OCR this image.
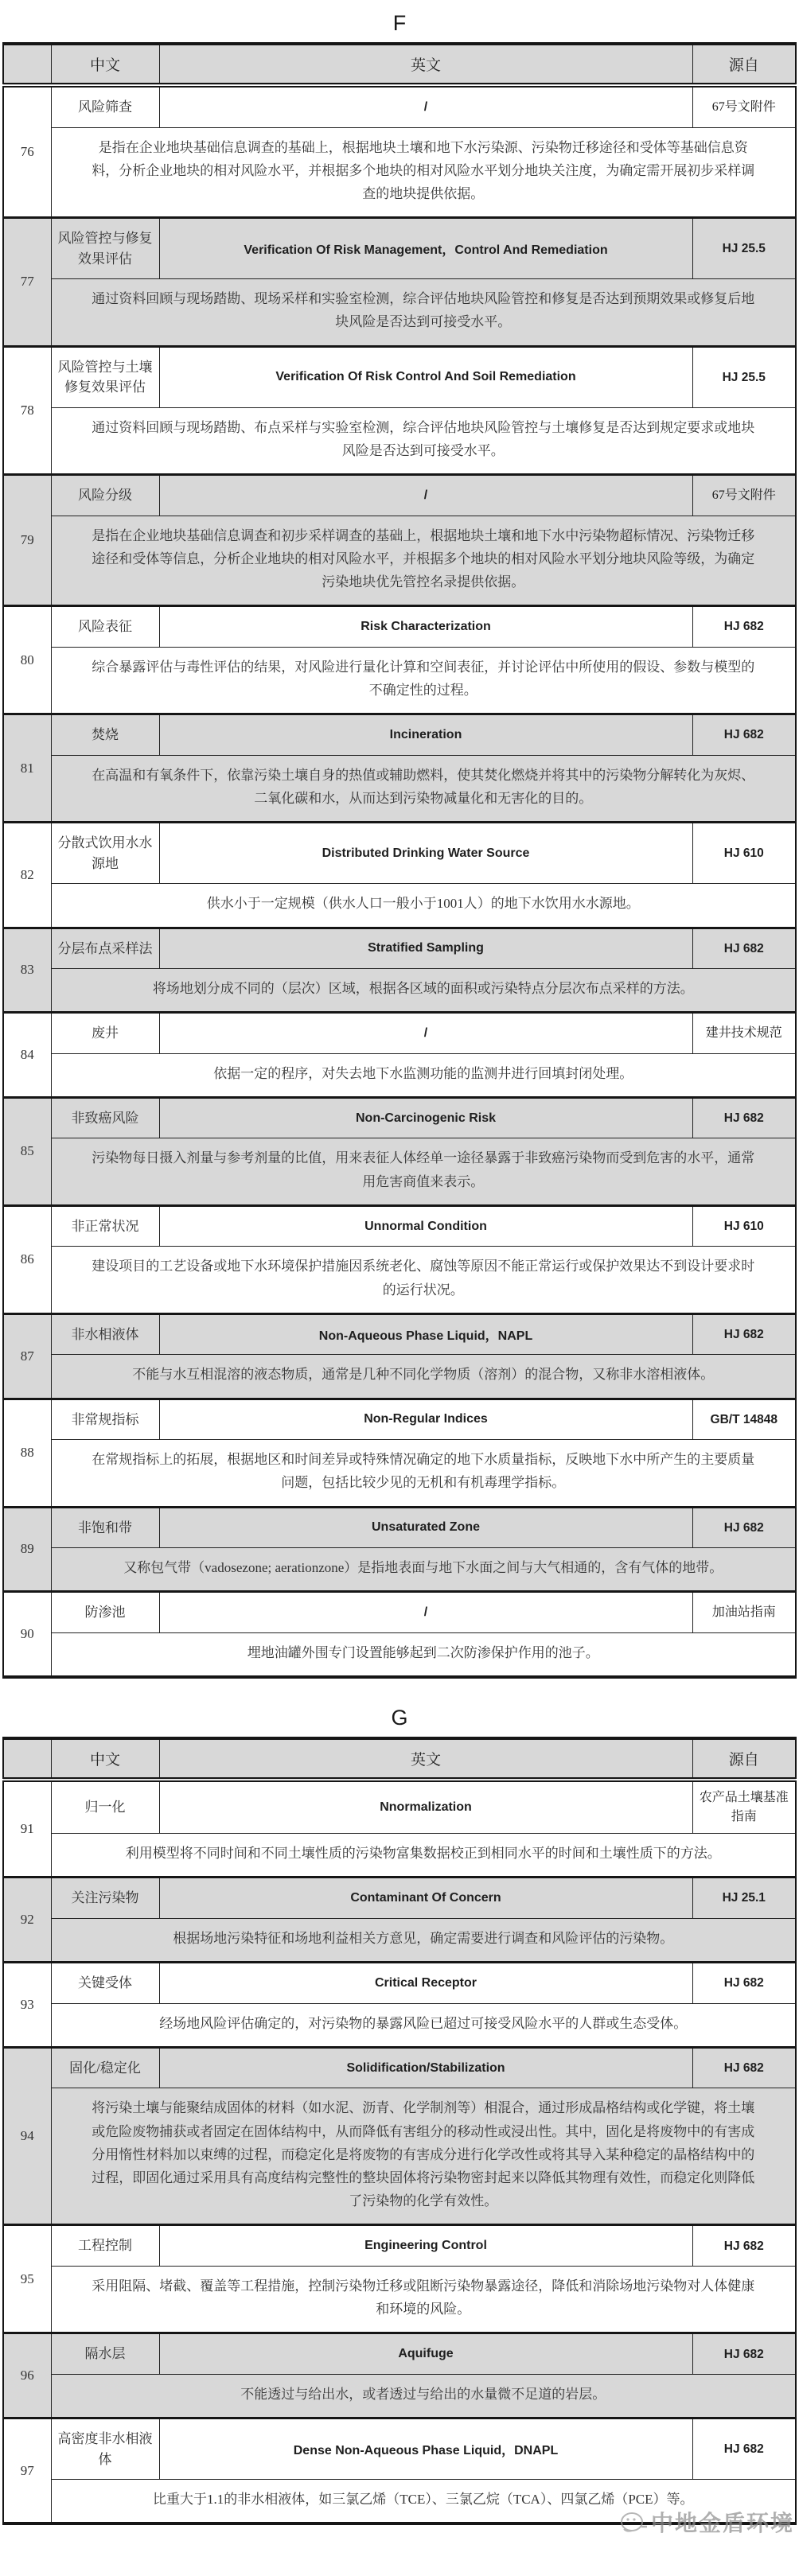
F
	中文	英文	源自
76	风险筛查	/	67号文附件
	是指在企业地块基础信息调查的基础上，根据地块土壤和地下水污染源、污染物迁移途径和受体等基础信息资料，分析企业地块的相对风险水平，并根据多个地块的相对风险水平划分地块关注度，为确定需开展初步采样调查的地块提供依据。		
77	风险管控与修复效果评估	Verification Of Risk Management，Control And Remediation	HJ 25.5
	通过资料回顾与现场踏勘、现场采样和实验室检测，综合评估地块风险管控和修复是否达到预期效果或修复后地块风险是否达到可接受水平。		
78	风险管控与土壤修复效果评估	Verification Of Risk Control And Soil Remediation	HJ 25.5
	通过资料回顾与现场踏勘、布点采样与实验室检测，综合评估地块风险管控与土壤修复是否达到规定要求或地块风险是否达到可接受水平。		
79	风险分级	/	67号文附件
	是指在企业地块基础信息调查和初步采样调查的基础上，根据地块土壤和地下水中污染物超标情况、污染物迁移途径和受体等信息，分析企业地块的相对风险水平，并根据多个地块的相对风险水平划分地块风险等级，为确定污染地块优先管控名录提供依据。		
80	风险表征	Risk Characterization	HJ 682
	综合暴露评估与毒性评估的结果，对风险进行量化计算和空间表征，并讨论评估中所使用的假设、参数与模型的不确定性的过程。		
81	焚烧	Incineration	HJ 682
	在高温和有氧条件下，依靠污染土壤自身的热值或辅助燃料，使其焚化燃烧并将其中的污染物分解转化为灰烬、二氧化碳和水，从而达到污染物减量化和无害化的目的。		
82	分散式饮用水水源地	Distributed Drinking Water Source	HJ 610
	供水小于一定规模（供水人口一般小于1001人）的地下水饮用水水源地。		
83	分层布点采样法	Stratified Sampling	HJ 682
	将场地划分成不同的（层次）区域，根据各区域的面积或污染特点分层次布点采样的方法。		
84	废井	/	建井技术规范
	依据一定的程序，对失去地下水监测功能的监测井进行回填封闭处理。		
85	非致癌风险	Non-Carcinogenic Risk	HJ 682
	污染物每日摄入剂量与参考剂量的比值，用来表征人体经单一途径暴露于非致癌污染物而受到危害的水平，通常用危害商值来表示。		
86	非正常状况	Unnormal Condition	HJ 610
	建设项目的工艺设备或地下水环境保护措施因系统老化、腐蚀等原因不能正常运行或保护效果达不到设计要求时的运行状况。		
87	非水相液体	Non-Aqueous Phase Liquid，NAPL	HJ 682
	不能与水互相混溶的液态物质，通常是几种不同化学物质（溶剂）的混合物，又称非水溶相液体。		
88	非常规指标	Non-Regular Indices	GB/T 14848
	在常规指标上的拓展，根据地区和时间差异或特殊情况确定的地下水质量指标，反映地下水中所产生的主要质量问题，包括比较少见的无机和有机毒理学指标。		
89	非饱和带	Unsaturated Zone	HJ 682
	又称包气带（vadosezone; aerationzone）是指地表面与地下水面之间与大气相通的，含有气体的地带。		
90	防渗池	/	加油站指南
	埋地油罐外围专门设置能够起到二次防渗保护作用的池子。		
G
	中文	英文	源自
91	归一化	Nnormalization	农产品土壤基准指南
	利用模型将不同时间和不同土壤性质的污染物富集数据校正到相同水平的时间和土壤性质下的方法。		
92	关注污染物	Contaminant Of Concern	HJ 25.1
	根据场地污染特征和场地利益相关方意见，确定需要进行调查和风险评估的污染物。		
93	关键受体	Critical Receptor	HJ 682
	经场地风险评估确定的，对污染物的暴露风险已超过可接受风险水平的人群或生态受体。		
94	固化/稳定化	Solidification/Stabilization	HJ 682
	将污染土壤与能聚结成固体的材料（如水泥、沥青、化学制剂等）相混合，通过形成晶格结构或化学键，将土壤或危险废物捕获或者固定在固体结构中，从而降低有害组分的移动性或浸出性。其中，固化是将废物中的有害成分用惰性材料加以束缚的过程，而稳定化是将废物的有害成分进行化学改性或将其导入某种稳定的晶格结构中的过程，即固化通过采用具有高度结构完整性的整块固体将污染物密封起来以降低其物理有效性，而稳定化则降低了污染物的化学有效性。		
95	工程控制	Engineering Control	HJ 682
	采用阻隔、堵截、覆盖等工程措施，控制污染物迁移或阻断污染物暴露途径，降低和消除场地污染物对人体健康和环境的风险。		
96	隔水层	Aquifuge	HJ 682
	不能透过与给出水，或者透过与给出的水量微不足道的岩层。		
97	高密度非水相液体	Dense Non-Aqueous Phase Liquid，DNAPL	HJ 682
	比重大于1.1的非水相液体，如三氯乙烯（TCE）、三氯乙烷（TCA）、四氯乙烯（PCE）等。		
中地金盾环境
